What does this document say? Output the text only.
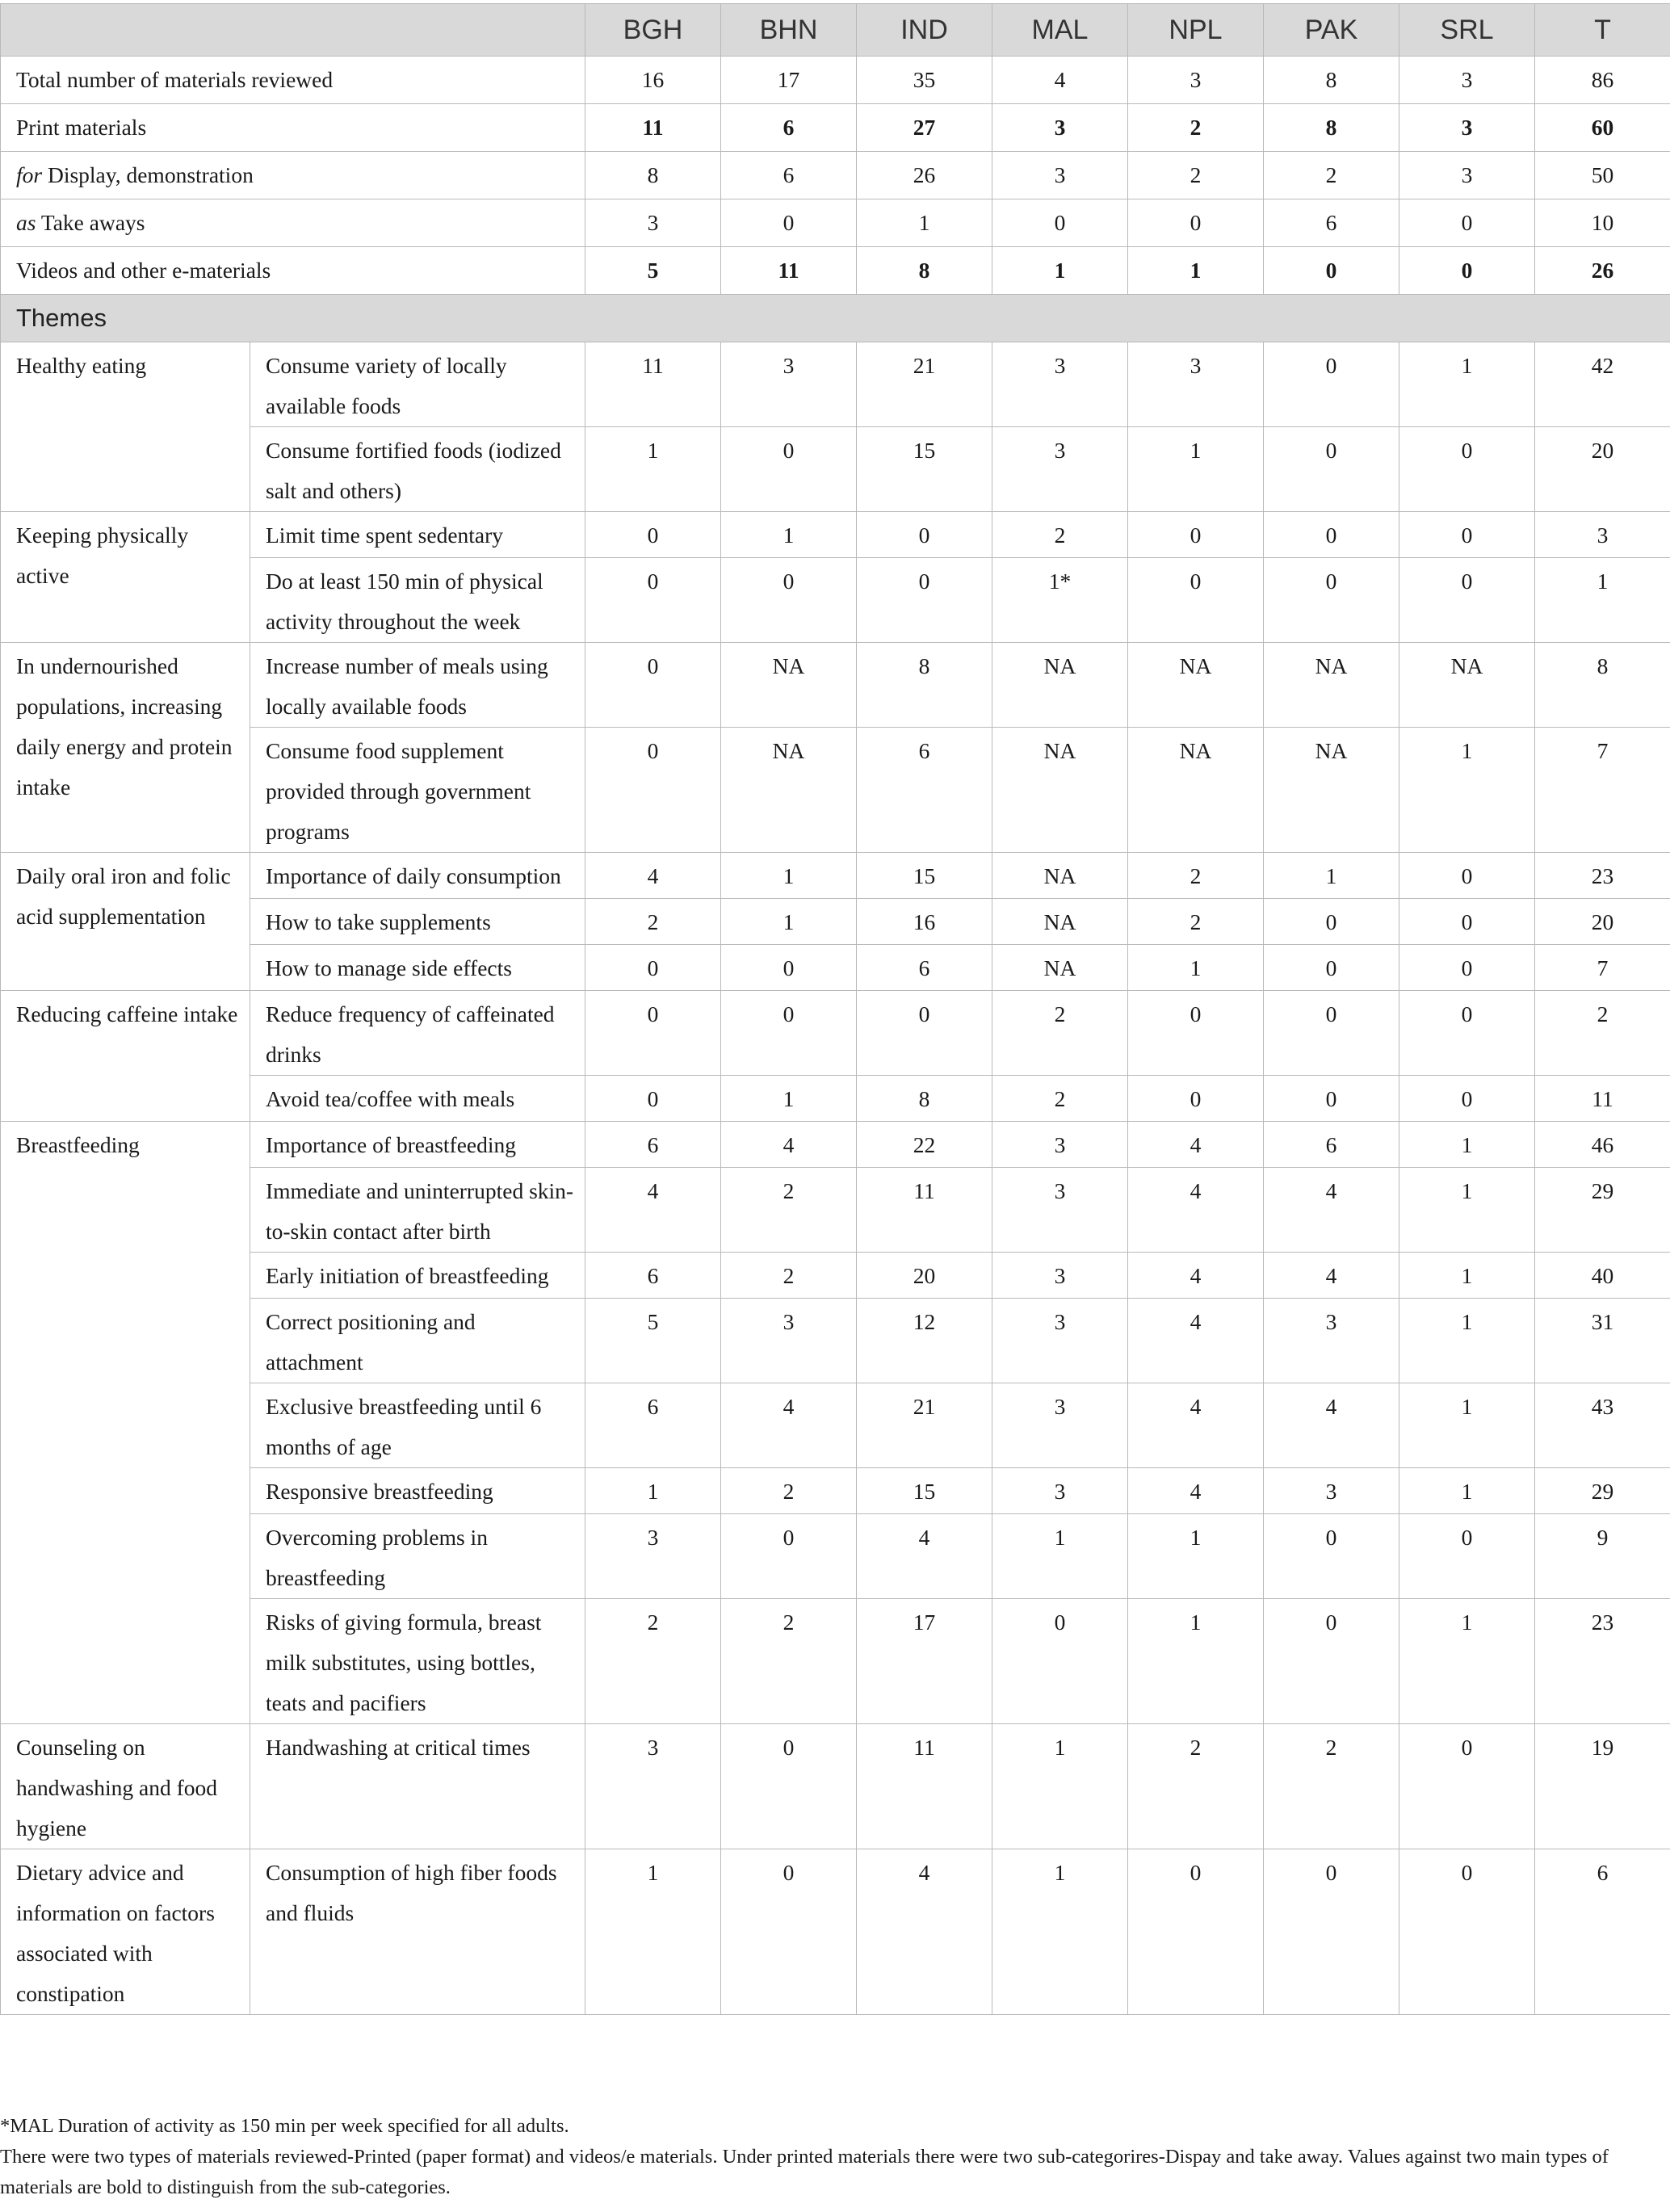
		BGH	BHN	IND	MAL	NPL	PAK	SRL	T
Total number of materials reviewed		16	17	35	4	3	8	3	86
Print materials		11	6	27	3	2	8	3	60
for Display, demonstration		8	6	26	3	2	2	3	50
as Take aways		3	0	1	0	0	6	0	10
Videos and other e-materials		5	11	8	1	1	0	0	26
Themes									
Healthy eating	Consume variety of locally available foods	11	3	21	3	3	0	1	42
	Consume fortified foods (iodized salt and others)	1	0	15	3	1	0	0	20
Keeping physically active	Limit time spent sedentary	0	1	0	2	0	0	0	3
	Do at least 150 min of physical activity throughout the week	0	0	0	1*	0	0	0	1
In undernourished populations, increasing daily energy and protein intake	Increase number of meals using locally available foods	0	NA	8	NA	NA	NA	NA	8
	Consume food supplement provided through government programs	0	NA	6	NA	NA	NA	1	7
Daily oral iron and folic acid supplementation	Importance of daily consumption	4	1	15	NA	2	1	0	23
	How to take supplements	2	1	16	NA	2	0	0	20
	How to manage side effects	0	0	6	NA	1	0	0	7
Reducing caffeine intake	Reduce frequency of caffeinated drinks	0	0	0	2	0	0	0	2
	Avoid tea/coffee with meals	0	1	8	2	0	0	0	11
Breastfeeding	Importance of breastfeeding	6	4	22	3	4	6	1	46
	Immediate and uninterrupted skin-to-skin contact after birth	4	2	11	3	4	4	1	29
	Early initiation of breastfeeding	6	2	20	3	4	4	1	40
	Correct positioning and attachment	5	3	12	3	4	3	1	31
	Exclusive breastfeeding until 6 months of age	6	4	21	3	4	4	1	43
	Responsive breastfeeding	1	2	15	3	4	3	1	29
	Overcoming problems in breastfeeding	3	0	4	1	1	0	0	9
	Risks of giving formula, breast milk substitutes, using bottles, teats and pacifiers	2	2	17	0	1	0	1	23
Counseling on handwashing and food hygiene	Handwashing at critical times	3	0	11	1	2	2	0	19
Dietary advice and information on factors associated with constipation	Consumption of high fiber foods and fluids	1	0	4	1	0	0	0	6

*MAL Duration of activity as 150 min per week specified for all adults.

There were two types of materials reviewed-Printed (paper format) and videos/e materials. Under printed materials there were two sub-categorires-Dispay and take away. Values against two main types of materials are bold to distinguish from the sub-categories.
